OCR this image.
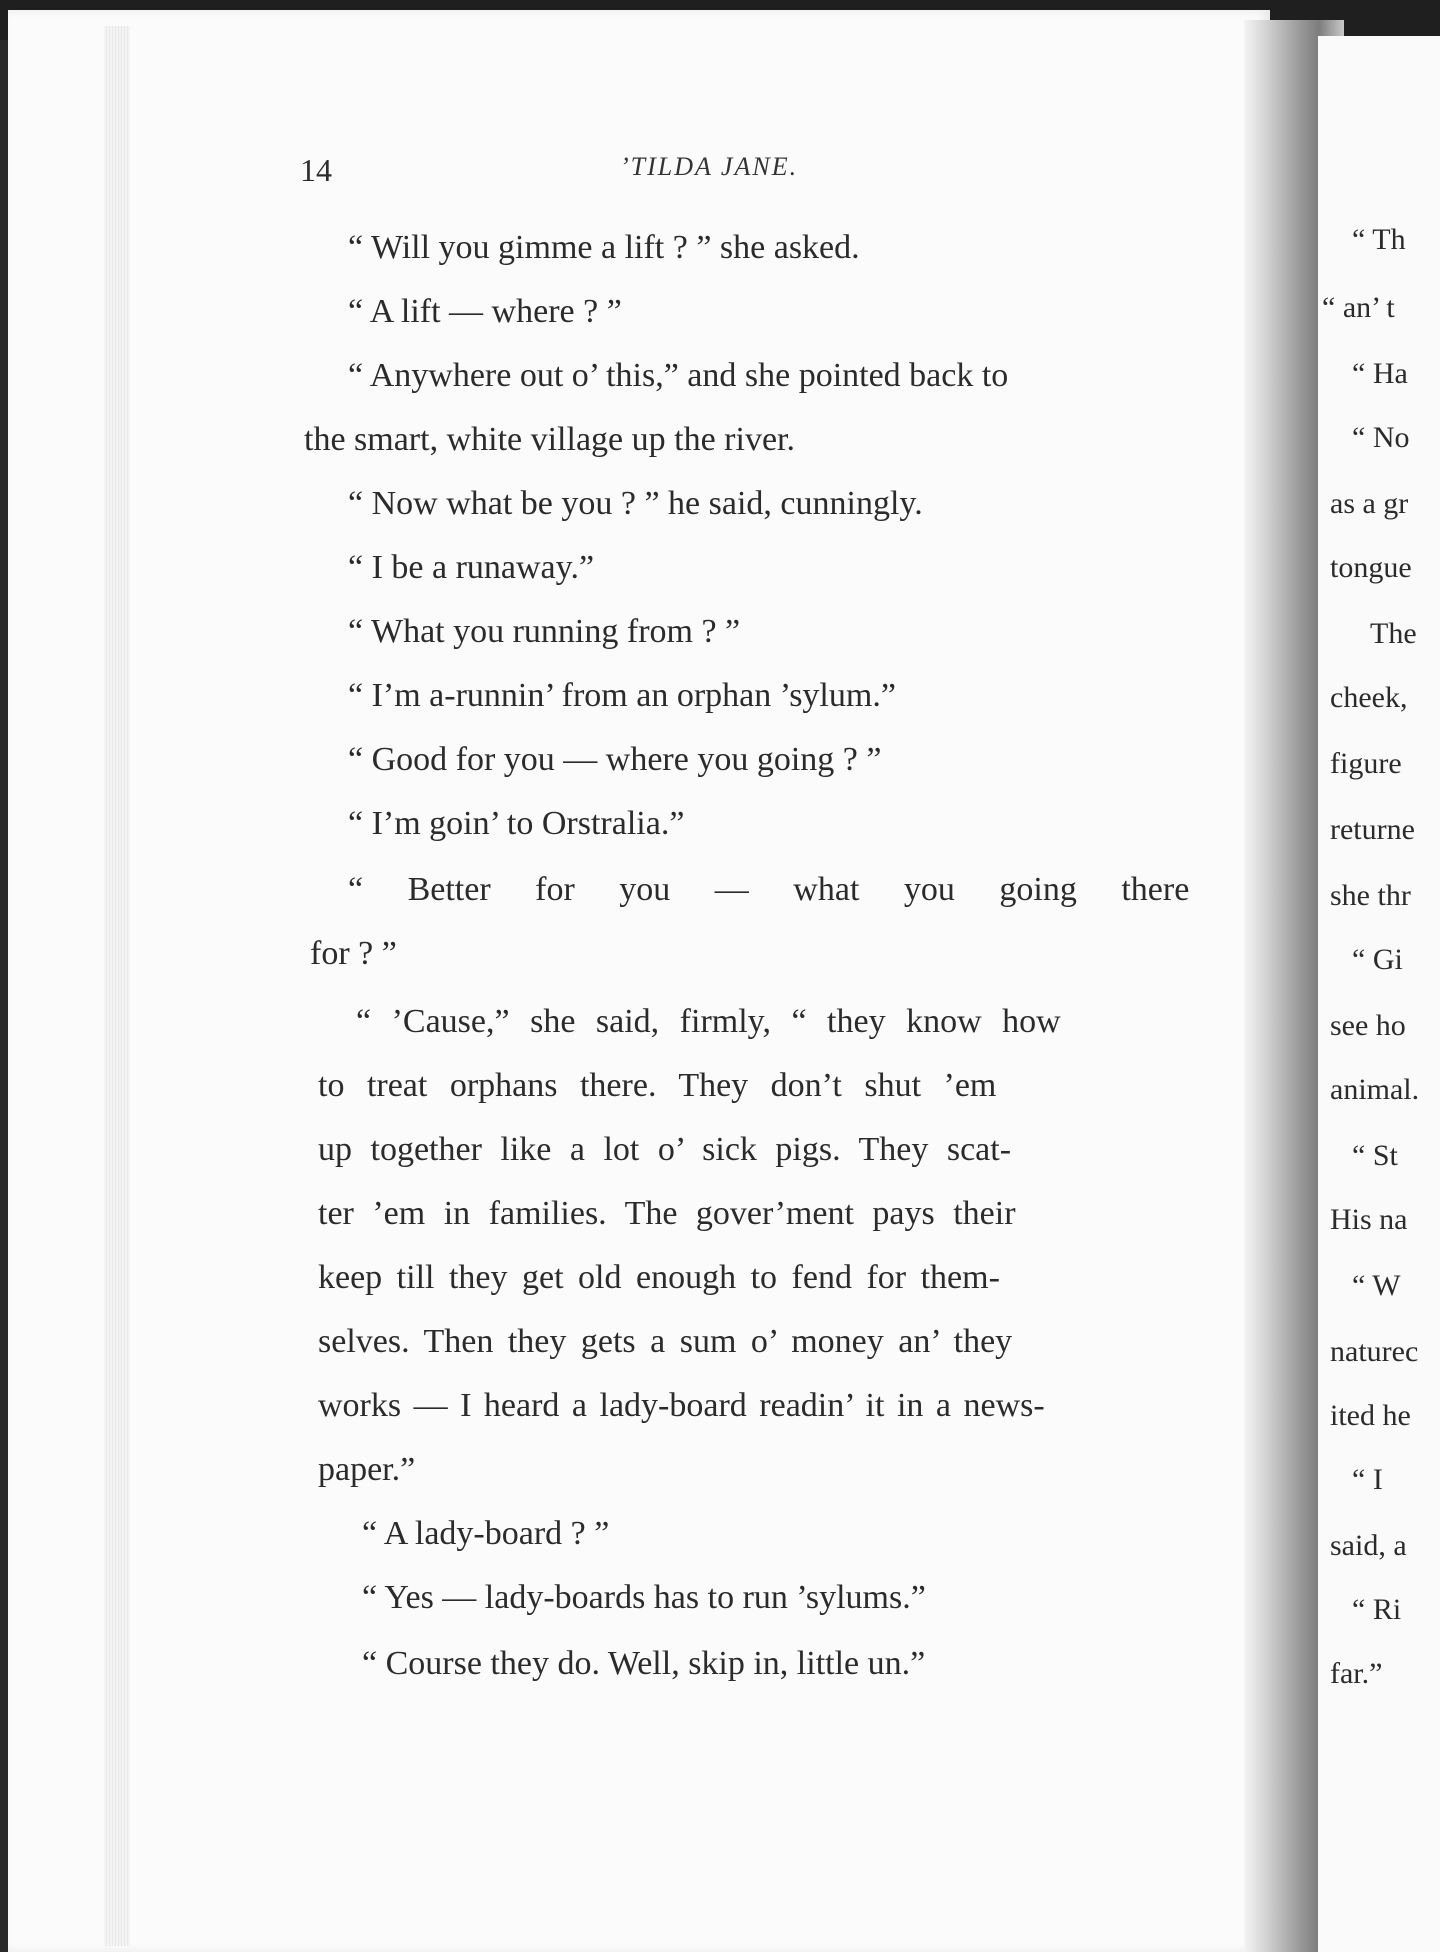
14	’TILDA JANE.
“ Will you gimme a lift ? ” she asked.
“ A lift — where ? ”
“ Anywhere out o’ this,” and she pointed back to
the smart, white village up the river.
“ Now what be you ? ” he said, cunningly.
“ I be a runaway.”
“ What you running from ? ”
“ I’m a-runnin’ from an orphan ’sylum.”
“ Good for you — where you going ? ”
“ I’m goin’ to Orstralia.”
“ Better for you — what you going there
for ? ”
“ ’Cause,” she said, firmly, “ they know how
to treat orphans there. They don’t shut ’em
up together like a lot o’ sick pigs. They scat-
ter ’em in families. The gover’ment pays their
keep till they get old enough to fend for them-
selves. Then they gets a sum o’ money an’ they
works — I heard a lady-board readin’ it in a news-
paper.”
“ A lady-board ? ”
“ Yes — lady-boards has to run ’sylums.”
“ Course they do. Well, skip in, little un.”
“ Th
“ an’ t
“ Ha
“ No
as a gr
tongue
The
cheek,
figure
returne
she thr
“ Gi
see ho
animal.
“ St
His na
“ W
naturec
ited he
“ I
said, a
“ Ri
far.”
